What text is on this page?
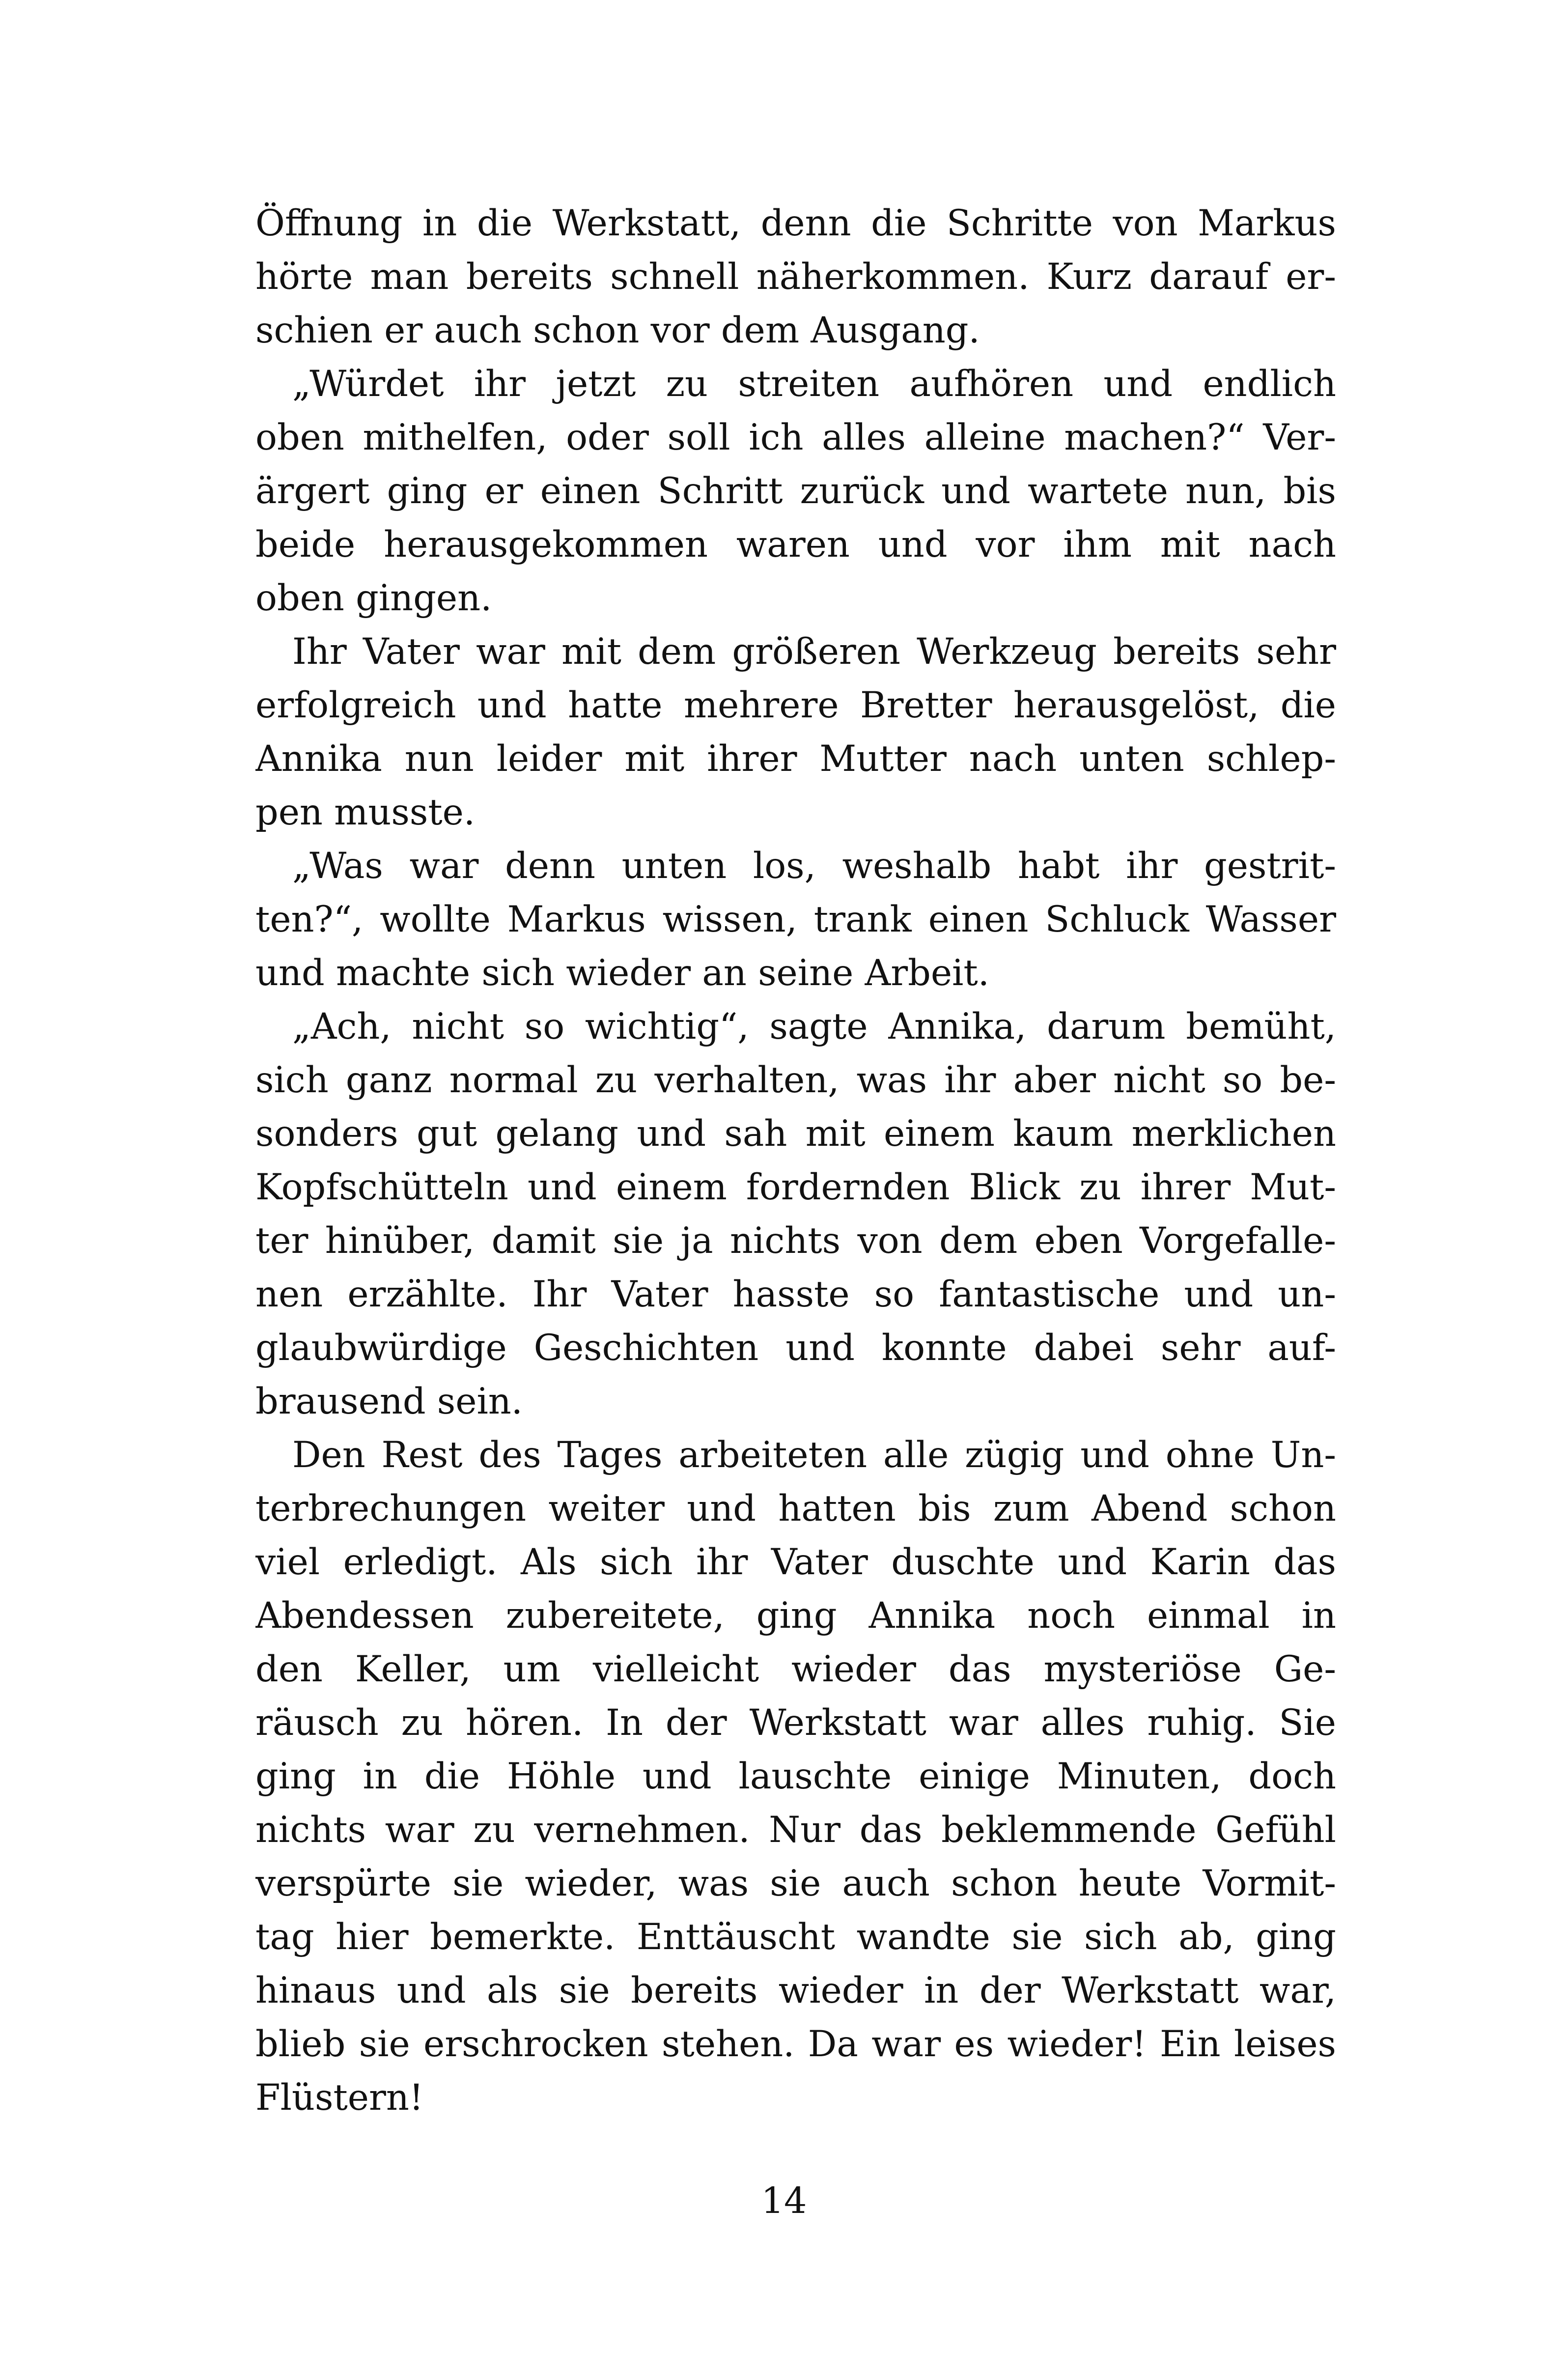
Öffnung in die Werkstatt, denn die Schritte von Markus
hörte man bereits schnell näherkommen. Kurz darauf er-
schien er auch schon vor dem Ausgang.
„Würdet ihr jetzt zu streiten aufhören und endlich
oben mithelfen, oder soll ich alles alleine machen?“ Ver-
ärgert ging er einen Schritt zurück und wartete nun, bis
beide herausgekommen waren und vor ihm mit nach
oben gingen.
Ihr Vater war mit dem größeren Werkzeug bereits sehr
erfolgreich und hatte mehrere Bretter herausgelöst, die
Annika nun leider mit ihrer Mutter nach unten schlep-
pen musste.
„Was war denn unten los, weshalb habt ihr gestrit-
ten?“, wollte Markus wissen, trank einen Schluck Wasser
und machte sich wieder an seine Arbeit.
„Ach, nicht so wichtig“, sagte Annika, darum bemüht,
sich ganz normal zu verhalten, was ihr aber nicht so be-
sonders gut gelang und sah mit einem kaum merklichen
Kopfschütteln und einem fordernden Blick zu ihrer Mut-
ter hinüber, damit sie ja nichts von dem eben Vorgefalle-
nen erzählte. Ihr Vater hasste so fantastische und un-
glaubwürdige Geschichten und konnte dabei sehr auf-
brausend sein.
Den Rest des Tages arbeiteten alle zügig und ohne Un-
terbrechungen weiter und hatten bis zum Abend schon
viel erledigt. Als sich ihr Vater duschte und Karin das
Abendessen zubereitete, ging Annika noch einmal in
den Keller, um vielleicht wieder das mysteriöse Ge-
räusch zu hören. In der Werkstatt war alles ruhig. Sie
ging in die Höhle und lauschte einige Minuten, doch
nichts war zu vernehmen. Nur das beklemmende Gefühl
verspürte sie wieder, was sie auch schon heute Vormit-
tag hier bemerkte. Enttäuscht wandte sie sich ab, ging
hinaus und als sie bereits wieder in der Werkstatt war,
blieb sie erschrocken stehen. Da war es wieder! Ein leises
Flüstern!
14
